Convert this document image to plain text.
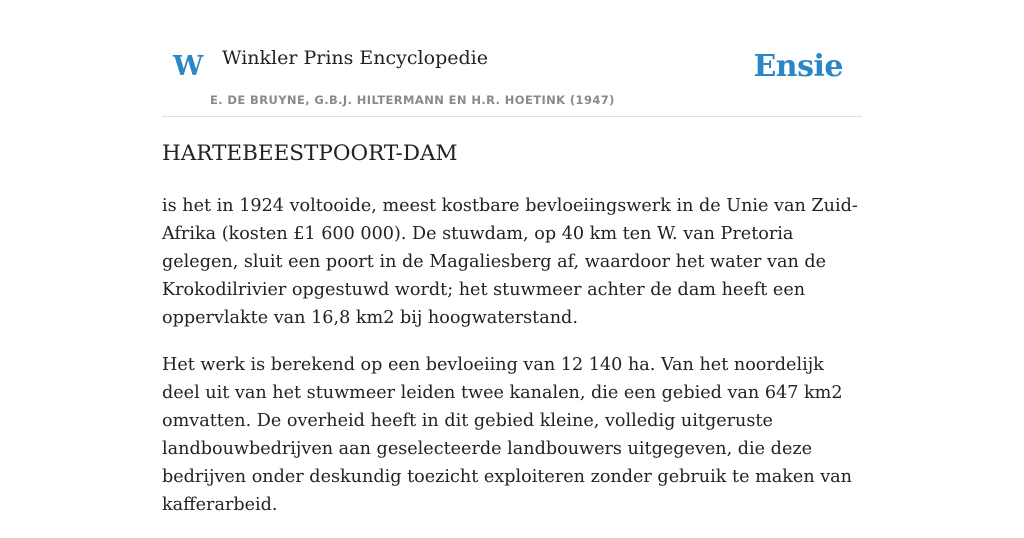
W Winkler Prins Encyclopedie	Ensie
E. DE BRUYNE, G.B.J. HILTERMANN EN H.R. HOETINK (1947)
HARTEBEESTPOORT-DAM

is het in 1924 voltooide, meest kostbare bevloeiingswerk in de Unie van Zuid-Afrika (kosten £1 600 000). De stuwdam, op 40 km ten W. van Pretoria gelegen, sluit een poort in de Magaliesberg af, waardoor het water van de Krokodilrivier opgestuwd wordt; het stuwmeer achter de dam heeft een oppervlakte van 16,8 km2 bij hoogwaterstand.

Het werk is berekend op een bevloeiing van 12 140 ha. Van het noordelijk deel uit van het stuwmeer leiden twee kanalen, die een gebied van 647 km2 omvatten. De overheid heeft in dit gebied kleine, volledig uitgeruste landbouwbedrijven aan geselecteerde landbouwers uitgegeven, die deze bedrijven onder deskundig toezicht exploiteren zonder gebruik te maken van kafferarbeid.
